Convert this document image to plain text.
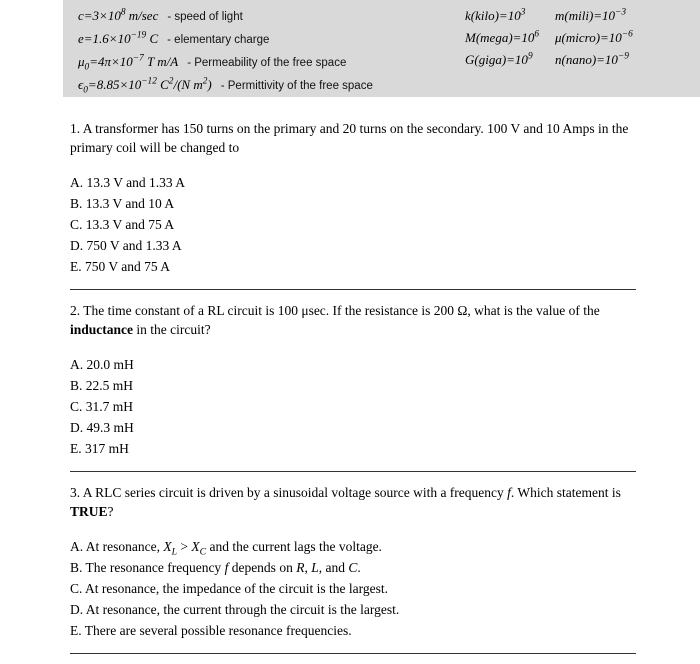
$c=3\times 10^8$ m/sec - speed of light
$e=1.6\times 10^{-19}$ C - elementary charge
$\mu_0=4\pi\times 10^{-7}$ T m/A - Permeability of the free space
$\epsilon_0=8.85\times 10^{-12}$ $C^2/(N$ $m^2$) - Permittivity of the free space
$k(kilo)=10^3$
$M(mega)=10^6$
$G(giga)=10^9$
$m(mili)=10^{-3}$
$\mu(micro)=10^{-6}$
$n(nano)=10^{-9}$

1. A transformer has 150 turns on the primary and 20 turns on the secondary. 100 V and 10 Amps in the primary coil will be changed to

A. 13.3 V and 1.33 A
B. 13.3 V and 10 A
C. 13.3 V and 75 A
D. 750 V and 1.33 A
E. 750 V and 75 A

2. The time constant of a RL circuit is 100 μsec. If the resistance is 200 Ω, what is the value of the inductance in the circuit?

A. 20.0 mH
B. 22.5 mH
C. 31.7 mH
D. 49.3 mH
E. 317 mH

3. A RLC series circuit is driven by a sinusoidal voltage source with a frequency f. Which statement is TRUE?

A. At resonance, $X_L > X_C$ and the current lags the voltage.
B. The resonance frequency f depends on R, L, and C.
C. At resonance, the impedance of the circuit is the largest.
D. At resonance, the current through the circuit is the largest.
E. There are several possible resonance frequencies.
